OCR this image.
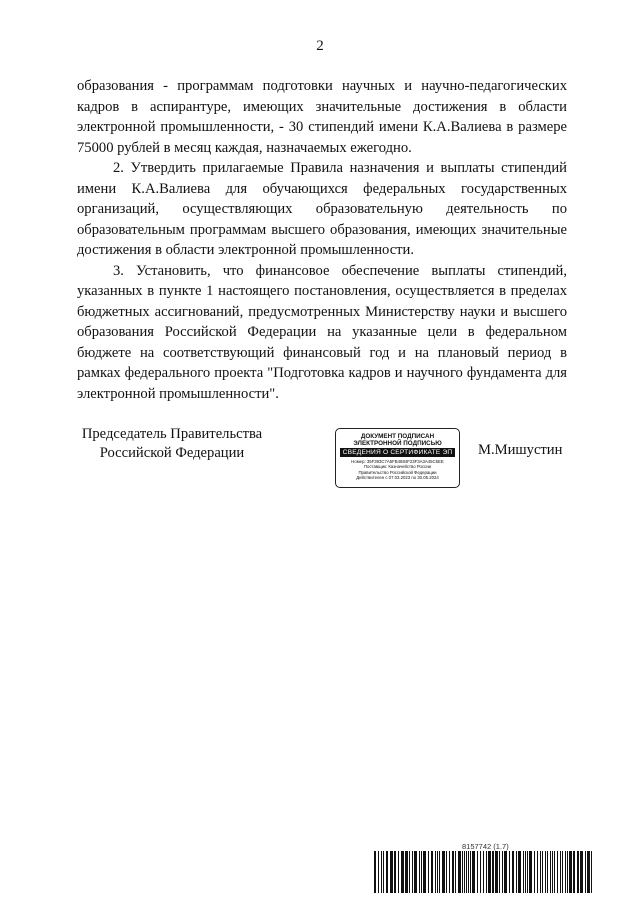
2

образования - программам подготовки научных и научно-педагогических кадров в аспирантуре, имеющих значительные достижения в области электронной промышленности, - 30 стипендий имени К.А.Валиева в размере 75000 рублей в месяц каждая, назначаемых ежегодно.

2. Утвердить прилагаемые Правила назначения и выплаты стипендий имени К.А.Валиева для обучающихся федеральных государственных организаций, осуществляющих образовательную деятельность по образовательным программам высшего образования, имеющих значительные достижения в области электронной промышленности.

3. Установить, что финансовое обеспечение выплаты стипендий, указанных в пункте 1 настоящего постановления, осуществляется в пределах бюджетных ассигнований, предусмотренных Министерству науки и высшего образования Российской Федерации на указанные цели в федеральном бюджете на соответствующий финансовый год и на плановый период в рамках федерального проекта "Подготовка кадров и научного фундамента для электронной промышленности".

Председатель Правительства
Российской Федерации
ДОКУМЕНТ ПОДПИСАН
ЭЛЕКТРОННОЙ ПОДПИСЬЮ
СВЕДЕНИЯ О СЕРТИФИКАТЕ ЭП
Номер: 35F393C7A5FB4884F23F3A3A45C5EE
Поставщик: Казначейство России
Правительство Российской Федерации
Действителен с 07.03.2023 по 30.05.2024
М.Мишустин
8157742 (1.7)
